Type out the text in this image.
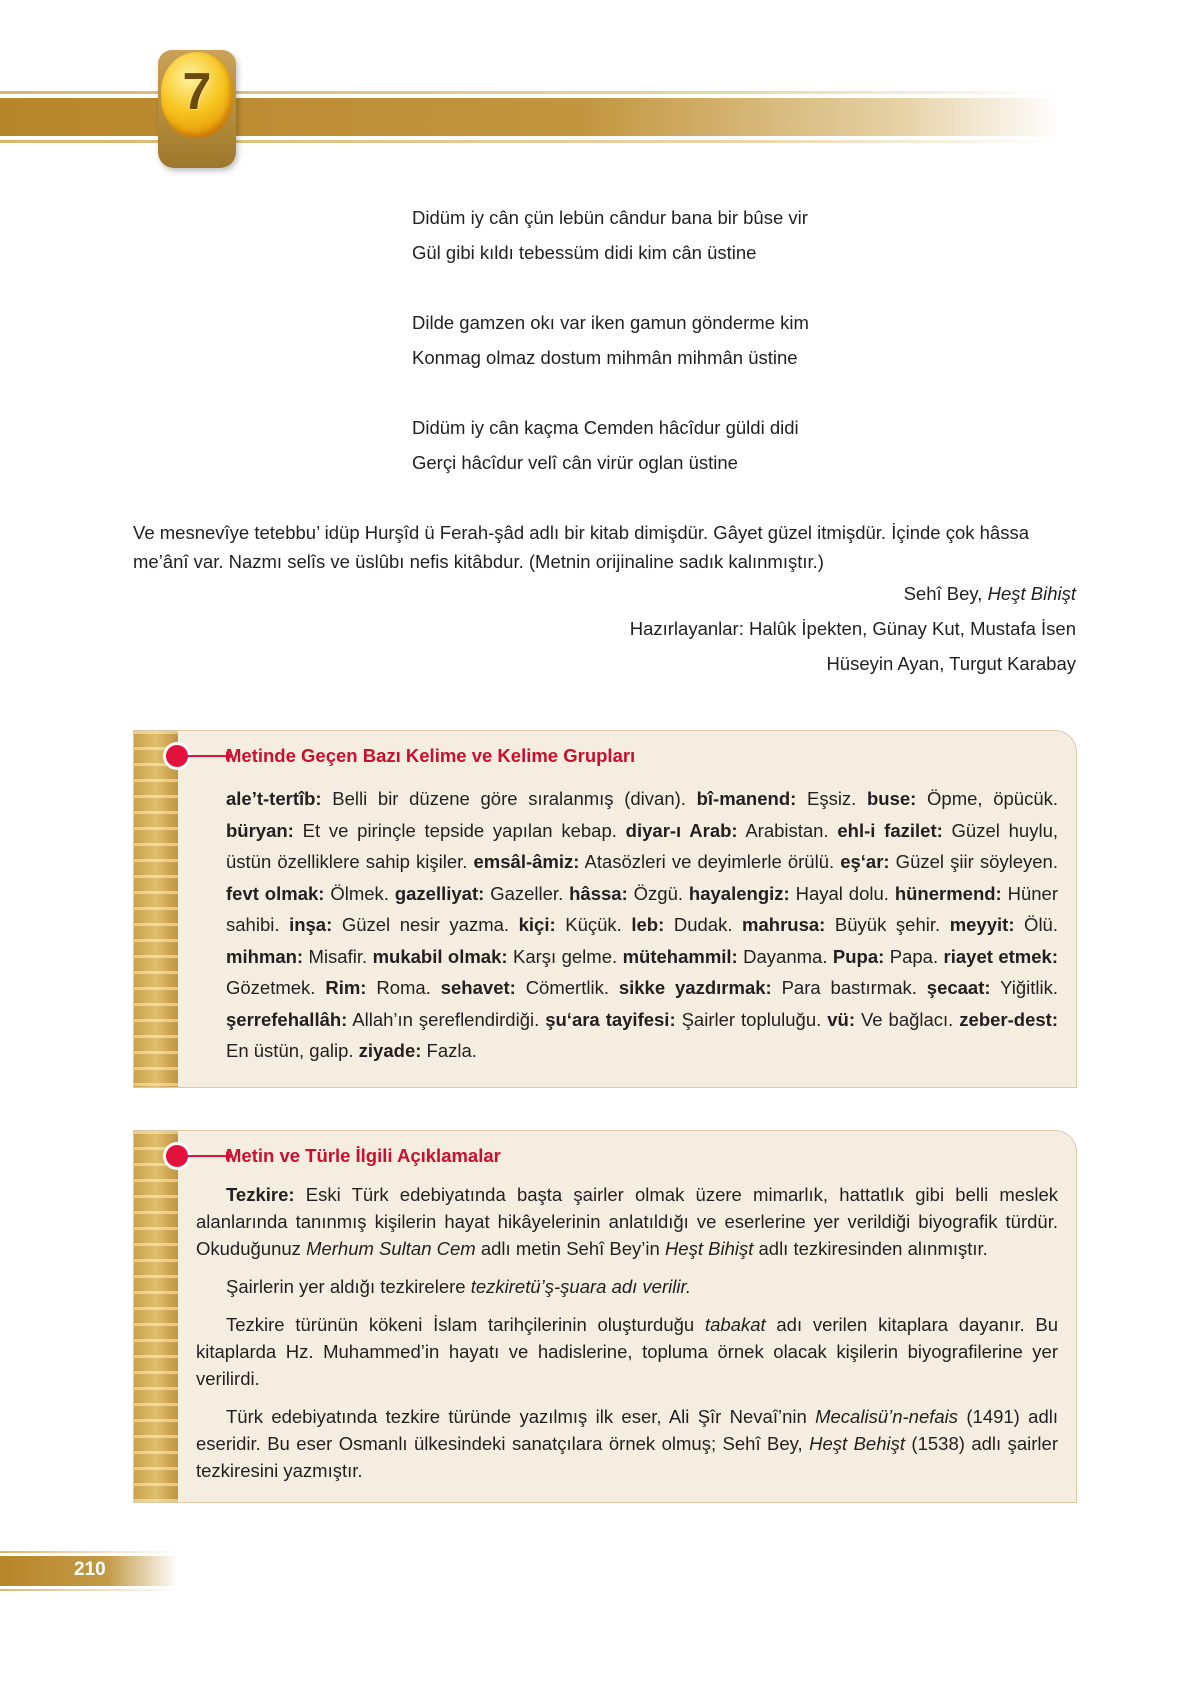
7
Didüm iy cân çün lebün cândur bana bir bûse vir
Gül gibi kıldı tebessüm didi kim cân üstine
Dilde gamzen okı var iken gamun gönderme kim
Konmag olmaz dostum mihmân mihmân üstine
Didüm iy cân kaçma Cemden hâcîdur güldi didi
Gerçi hâcîdur velî cân virür oglan üstine
Ve mesnevîye tetebbu’ idüp Hurşîd ü Ferah-şâd adlı bir kitab dimişdür. Gâyet güzel itmişdür. İçinde çok hâssa me’ânî var. Nazmı selîs ve üslûbı nefis kitâbdur. (Metnin orijinaline sadık kalınmıştır.)
Sehî Bey, Heşt Bihişt
Hazırlayanlar: Halûk İpekten, Günay Kut, Mustafa İsen
Hüseyin Ayan, Turgut Karabay
Metinde Geçen Bazı Kelime ve Kelime Grupları
ale’t-tertîb: Belli bir düzene göre sıralanmış (divan). bî-manend: Eşsiz. buse: Öpme, öpücük. büryan: Et ve pirinçle tepside yapılan kebap. diyar-ı Arab: Arabistan. ehl-i fazilet: Güzel huylu, üstün özelliklere sahip kişiler. emsâl-âmiz: Atasözleri ve deyimlerle örülü. eş‘ar: Güzel şiir söyleyen. fevt olmak: Ölmek. gazelliyat: Gazeller. hâssa: Özgü. hayalengiz: Hayal dolu. hünermend: Hüner sahibi. inşa: Güzel nesir yazma. kiçi: Küçük. leb: Dudak. mahrusa: Büyük şehir. meyyit: Ölü. mihman: Misafir. mukabil olmak: Karşı gelme. mütehammil: Dayanma. Pupa: Papa. riayet etmek: Gözetmek. Rim: Roma. sehavet: Cömertlik. sikke yazdırmak: Para bastırmak. şecaat: Yiğitlik. şerrefehallâh: Allah’ın şereflendirdiği. şu‘ara tayifesi: Şairler topluluğu. vü: Ve bağlacı. zeber-dest: En üstün, galip. ziyade: Fazla.
Metin ve Türle İlgili Açıklamalar

Tezkire: Eski Türk edebiyatında başta şairler olmak üzere mimarlık, hattatlık gibi belli meslek alanlarında tanınmış kişilerin hayat hikâyelerinin anlatıldığı ve eserlerine yer verildiği biyografik türdür. Okuduğunuz Merhum Sultan Cem adlı metin Sehî Bey’in Heşt Bihişt adlı tezkiresinden alınmıştır.

Şairlerin yer aldığı tezkirelere tezkiretü’ş-şuara adı verilir.

Tezkire türünün kökeni İslam tarihçilerinin oluşturduğu tabakat adı verilen kitaplara dayanır. Bu kitaplarda Hz. Muhammed’in hayatı ve hadislerine, topluma örnek olacak kişilerin biyografilerine yer verilirdi.

Türk edebiyatında tezkire türünde yazılmış ilk eser, Ali Şîr Nevaî’nin Mecalisü’n-nefais (1491) adlı eseridir. Bu eser Osmanlı ülkesindeki sanatçılara örnek olmuş; Sehî Bey, Heşt Behişt (1538) adlı şairler tezkiresini yazmıştır.

210
